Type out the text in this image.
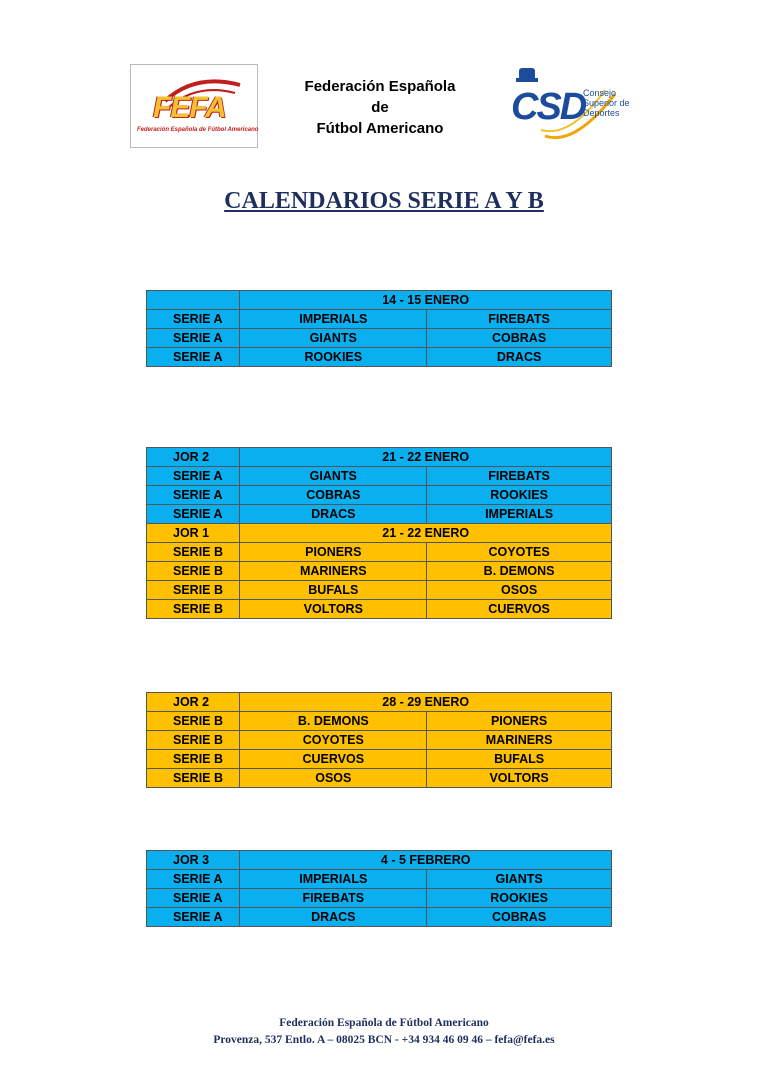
FEFA
Federación Española de Fútbol Americano
Federación Española
de
Fútbol Americano
CSD
Consejo
Superior de
Deportes
CALENDARIOS SERIE A Y B
	14 - 15 ENERO	
SERIE A	IMPERIALS	FIREBATS
SERIE A	GIANTS	COBRAS
SERIE A	ROOKIES	DRACS
JOR 2	21 - 22 ENERO	
SERIE A	GIANTS	FIREBATS
SERIE A	COBRAS	ROOKIES
SERIE A	DRACS	IMPERIALS
JOR 1	21 - 22 ENERO	
SERIE B	PIONERS	COYOTES
SERIE B	MARINERS	B. DEMONS
SERIE B	BUFALS	OSOS
SERIE B	VOLTORS	CUERVOS
JOR 2	28 - 29 ENERO	
SERIE B	B. DEMONS	PIONERS
SERIE B	COYOTES	MARINERS
SERIE B	CUERVOS	BUFALS
SERIE B	OSOS	VOLTORS
JOR 3	4 - 5 FEBRERO	
SERIE A	IMPERIALS	GIANTS
SERIE A	FIREBATS	ROOKIES
SERIE A	DRACS	COBRAS
Federación Española de Fútbol Americano
Provenza, 537 Entlo. A – 08025 BCN - +34 934 46 09 46 – fefa@fefa.es
